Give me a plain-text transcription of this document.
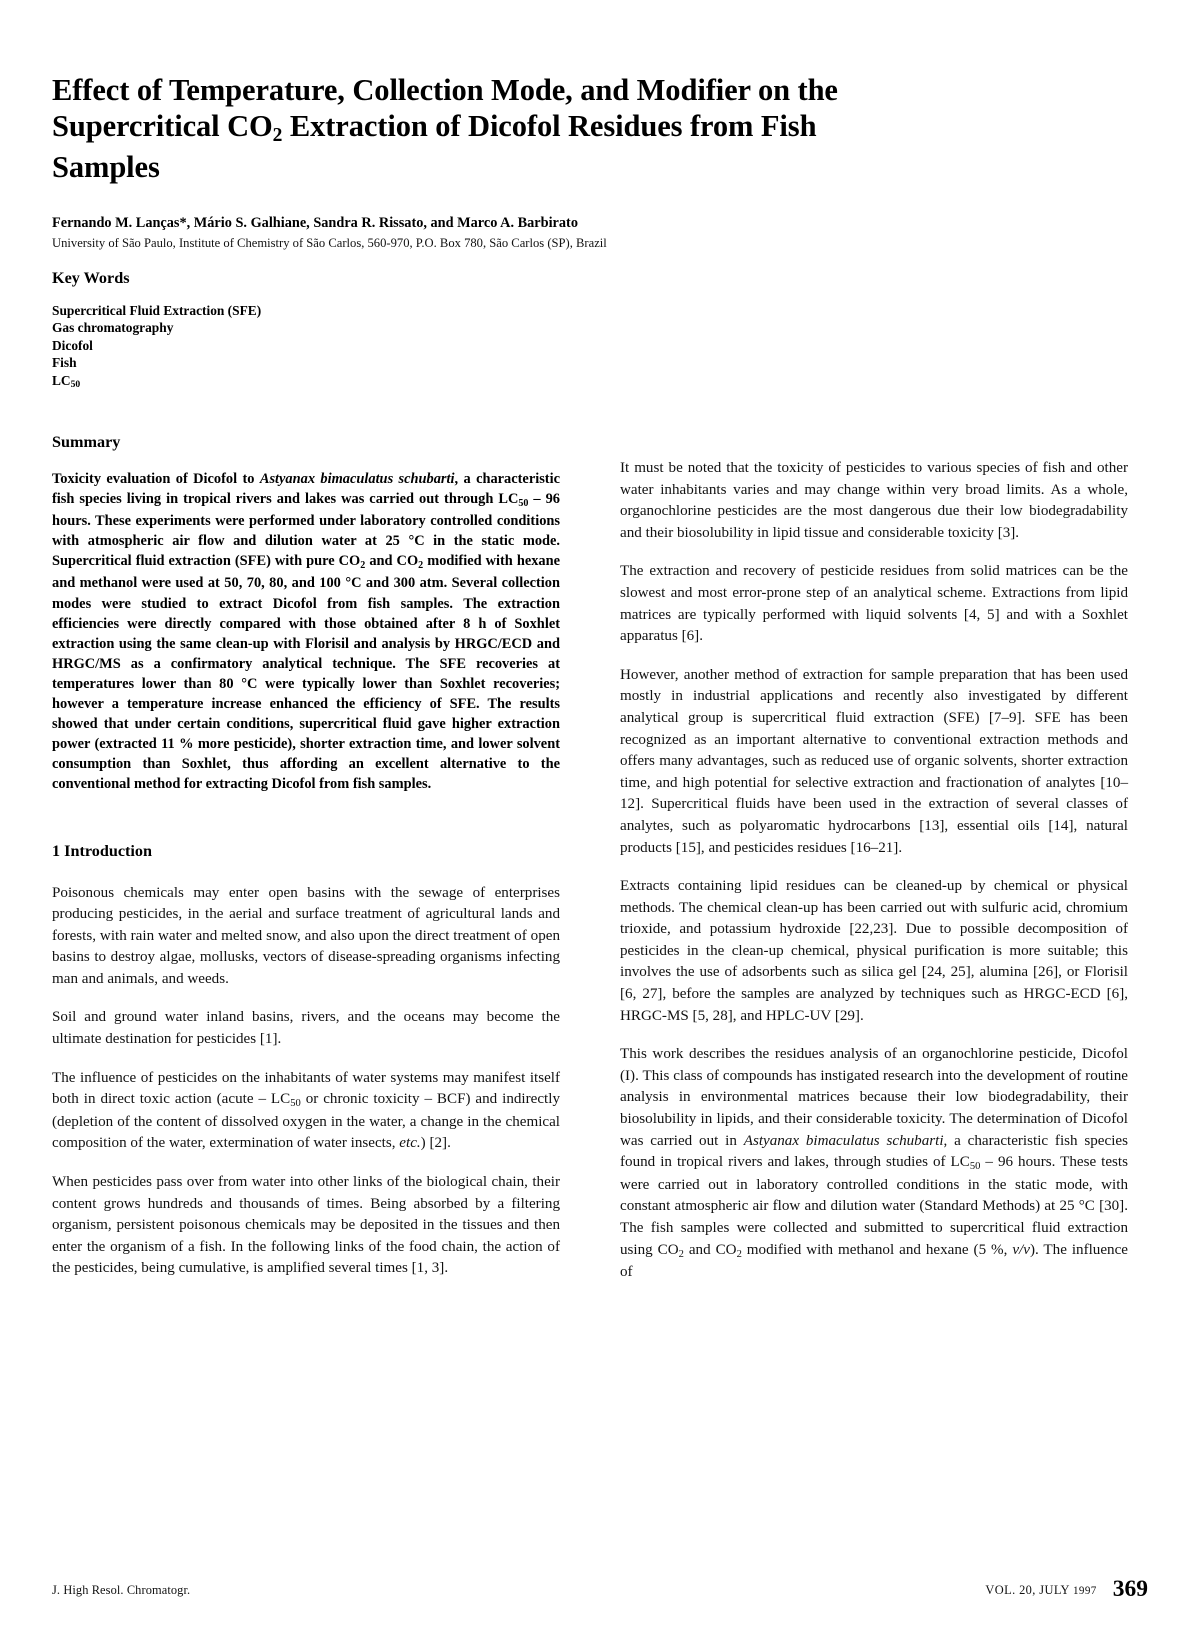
Effect of Temperature, Collection Mode, and Modifier on the
Supercritical $CO_2$ Extraction of Dicofol Residues from Fish
Samples
Fernando M. Lanças*, Mário S. Galhiane, Sandra R. Rissato, and Marco A. Barbirato
University of São Paulo, Institute of Chemistry of São Carlos, 560-970, P.O. Box 780, São Carlos (SP), Brazil
Key Words
Supercritical Fluid Extraction (SFE)
Gas chromatography
Dicofol
Fish
$LC_{50}$
Summary

Toxicity evaluation of Dicofol to Astyanax bimaculatus schubarti, a characteristic fish species living in tropical rivers and lakes was carried out through $LC_{50} - 96$ hours. These experiments were performed under laboratory controlled conditions with atmospheric air flow and dilution water at 25 °C in the static mode. Supercritical fluid extraction (SFE) with pure $CO_2$ and $CO_2$ modified with hexane and methanol were used at 50, 70, 80, and 100 °C and 300 atm. Several collection modes were studied to extract Dicofol from fish samples. The extraction efficiencies were directly compared with those obtained after 8 h of Soxhlet extraction using the same clean-up with Florisil and analysis by HRGC/ECD and HRGC/MS as a confirmatory analytical technique. The SFE recoveries at temperatures lower than 80 °C were typically lower than Soxhlet recoveries; however a temperature increase enhanced the efficiency of SFE. The results showed that under certain conditions, supercritical fluid gave higher extraction power (extracted 11 % more pesticide), shorter extraction time, and lower solvent consumption than Soxhlet, thus affording an excellent alternative to the conventional method for extracting Dicofol from fish samples.

1 Introduction

Poisonous chemicals may enter open basins with the sewage of enterprises producing pesticides, in the aerial and surface treatment of agricultural lands and forests, with rain water and melted snow, and also upon the direct treatment of open basins to destroy algae, mollusks, vectors of disease-spreading organisms infecting man and animals, and weeds.

Soil and ground water inland basins, rivers, and the oceans may become the ultimate destination for pesticides [1].

The influence of pesticides on the inhabitants of water systems may manifest itself both in direct toxic action (acute – $LC_{50}$ or chronic toxicity – BCF) and indirectly (depletion of the content of dissolved oxygen in the water, a change in the chemical composition of the water, extermination of water insects, etc.) [2].

When pesticides pass over from water into other links of the biological chain, their content grows hundreds and thousands of times. Being absorbed by a filtering organism, persistent poisonous chemicals may be deposited in the tissues and then enter the organism of a fish. In the following links of the food chain, the action of the pesticides, being cumulative, is amplified several times [1, 3].

It must be noted that the toxicity of pesticides to various species of fish and other water inhabitants varies and may change within very broad limits. As a whole, organochlorine pesticides are the most dangerous due their low biodegradability and their biosolubility in lipid tissue and considerable toxicity [3].

The extraction and recovery of pesticide residues from solid matrices can be the slowest and most error-prone step of an analytical scheme. Extractions from lipid matrices are typically performed with liquid solvents [4, 5] and with a Soxhlet apparatus [6].

However, another method of extraction for sample preparation that has been used mostly in industrial applications and recently also investigated by different analytical group is supercritical fluid extraction (SFE) [7–9]. SFE has been recognized as an important alternative to conventional extraction methods and offers many advantages, such as reduced use of organic solvents, shorter extraction time, and high potential for selective extraction and fractionation of analytes [10–12]. Supercritical fluids have been used in the extraction of several classes of analytes, such as polyaromatic hydrocarbons [13], essential oils [14], natural products [15], and pesticides residues [16–21].

Extracts containing lipid residues can be cleaned-up by chemical or physical methods. The chemical clean-up has been carried out with sulfuric acid, chromium trioxide, and potassium hydroxide [22,23]. Due to possible decomposition of pesticides in the clean-up chemical, physical purification is more suitable; this involves the use of adsorbents such as silica gel [24, 25], alumina [26], or Florisil [6, 27], before the samples are analyzed by techniques such as HRGC-ECD [6], HRGC-MS [5, 28], and HPLC-UV [29].

This work describes the residues analysis of an organochlorine pesticide, Dicofol (I). This class of compounds has instigated research into the development of routine analysis in environmental matrices because their low biodegradability, their biosolubility in lipids, and their considerable toxicity. The determination of Dicofol was carried out in Astyanax bimaculatus schubarti, a characteristic fish species found in tropical rivers and lakes, through studies of $LC_{50} - 96$ hours. These tests were carried out in laboratory controlled conditions in the static mode, with constant atmospheric air flow and dilution water (Standard Methods) at 25 °C [30]. The fish samples were collected and submitted to supercritical fluid extraction using $CO_2$ and $CO_2$ modified with methanol and hexane (5 %, v/v). The influence of

J. High Resol. Chromatogr.	VOL. 20, JULY 1997 369
